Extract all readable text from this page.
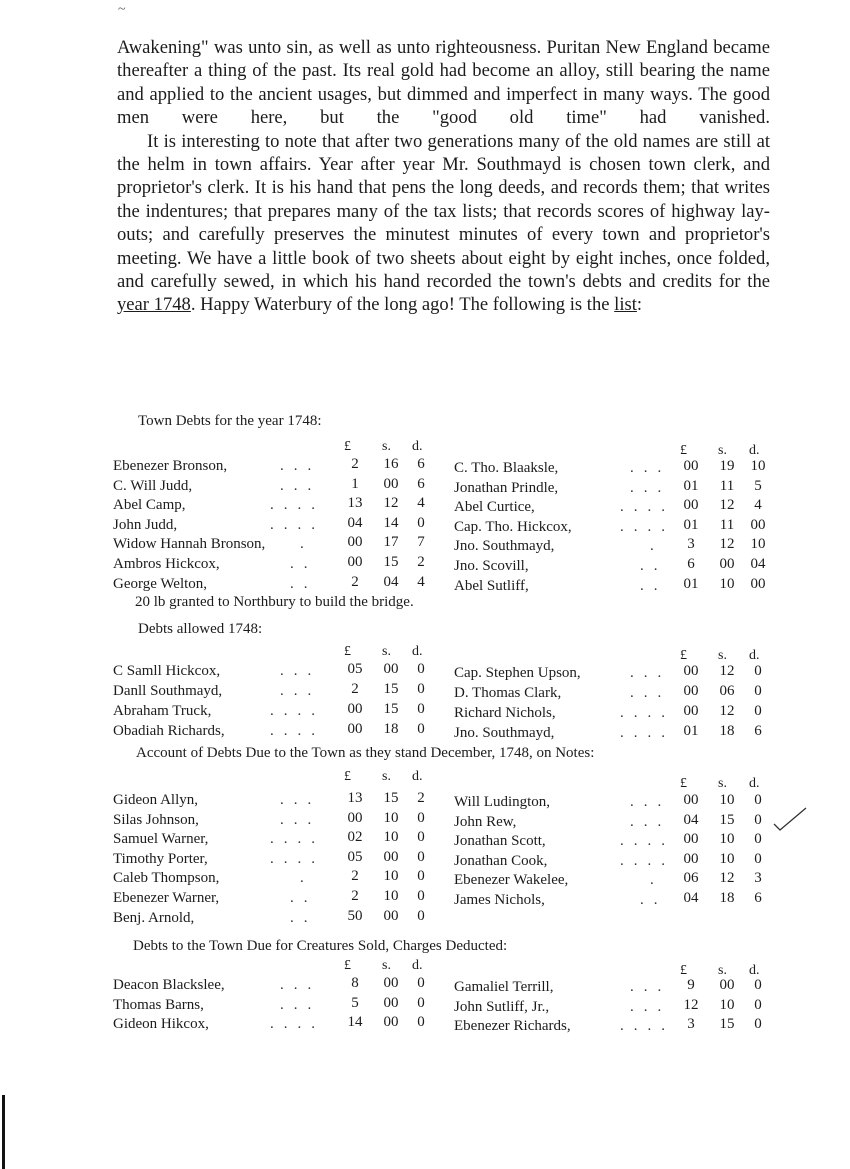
~

Awakening" was unto sin, as well as unto righteousness. Puritan New England became thereafter a thing of the past. Its real gold had become an alloy, still bearing the name and applied to the ancient usages, but dimmed and imperfect in many ways. The good men were here, but the "good old time" had vanished.

It is interesting to note that after two generations many of the old names are still at the helm in town affairs. Year after year Mr. Southmayd is chosen town clerk, and proprietor's clerk. It is his hand that pens the long deeds, and records them; that writes the indentures; that prepares many of the tax lists; that records scores of highway lay-outs; and carefully preserves the minutest minutes of every town and proprietor's meeting. We have a little book of two sheets about eight by eight inches, once folded, and carefully sewed, in which his hand recorded the town's debts and credits for the year 1748. Happy Waterbury of the long ago! The following is the list:

Town Debts for the year 1748:
£ s. d.	£ s. d.
Ebenezer Bronson,	...	2	16	6
C. Will Judd,	...	1	00	6
Abel Camp,	....	13	12	4
John Judd,	....	04	14	0
Widow Hannah Bronson, .	00	17	7
Ambros Hickcox,	..	00	15	2
George Welton,	..	2	04	4
C. Tho. Blaaksle,	... 00	19	10
Jonathan Prindle,	... 01	11	5
Abel Curtice,	.... 00	12	4
Cap. Tho. Hickcox,	.... 01	11	00
Jno. Southmayd,	.	3	12	10
Jno. Scovill,	..	6	00	04
Abel Sutliff,	..	01	10	00
20 lb granted to Northbury to build the bridge.
Debts allowed 1748:
£ s. d.	£ s. d.
C Samll Hickcox,	...	05	00	0
Danll Southmayd,	...	2	15	0
Abraham Truck,	....	00	15	0
Obadiah Richards,	....	00	18	0
Cap. Stephen Upson,	... 00	12	0
D. Thomas Clark,	... 00	06	0
Richard Nichols,	.... 00	12	0
Jno. Southmayd,	.... 01	18	6
Account of Debts Due to the Town as they stand December, 1748, on Notes:
£ s. d.	£ s. d.
Gideon Allyn,	...	13	15	2
Silas Johnson,	...	00	10	0
Samuel Warner,	....	02	10	0
Timothy Porter,	....	05	00	0
Caleb Thompson,	.	2	10	0
Ebenezer Warner,	..	2	10	0
Benj. Arnold,	..	50	00	0
Will Ludington,	... 00	10	0
John Rew,	... 04	15	0
Jonathan Scott,	.... 00	10	0
Jonathan Cook,	.... 00	10	0
Ebenezer Wakelee,	.	06	12	3
James Nichols,	..	04	18	6
Debts to the Town Due for Creatures Sold, Charges Deducted:
£ s. d.	£ s. d.
Deacon Blackslee,	...	8	00	0
Thomas Barns,	...	5	00	0
Gideon Hikcox,	....	14	00	0
Gamaliel Terrill,	...	9	00	0
John Sutliff, Jr.,	... 12	10	0
Ebenezer Richards,	.... 3	15	0
